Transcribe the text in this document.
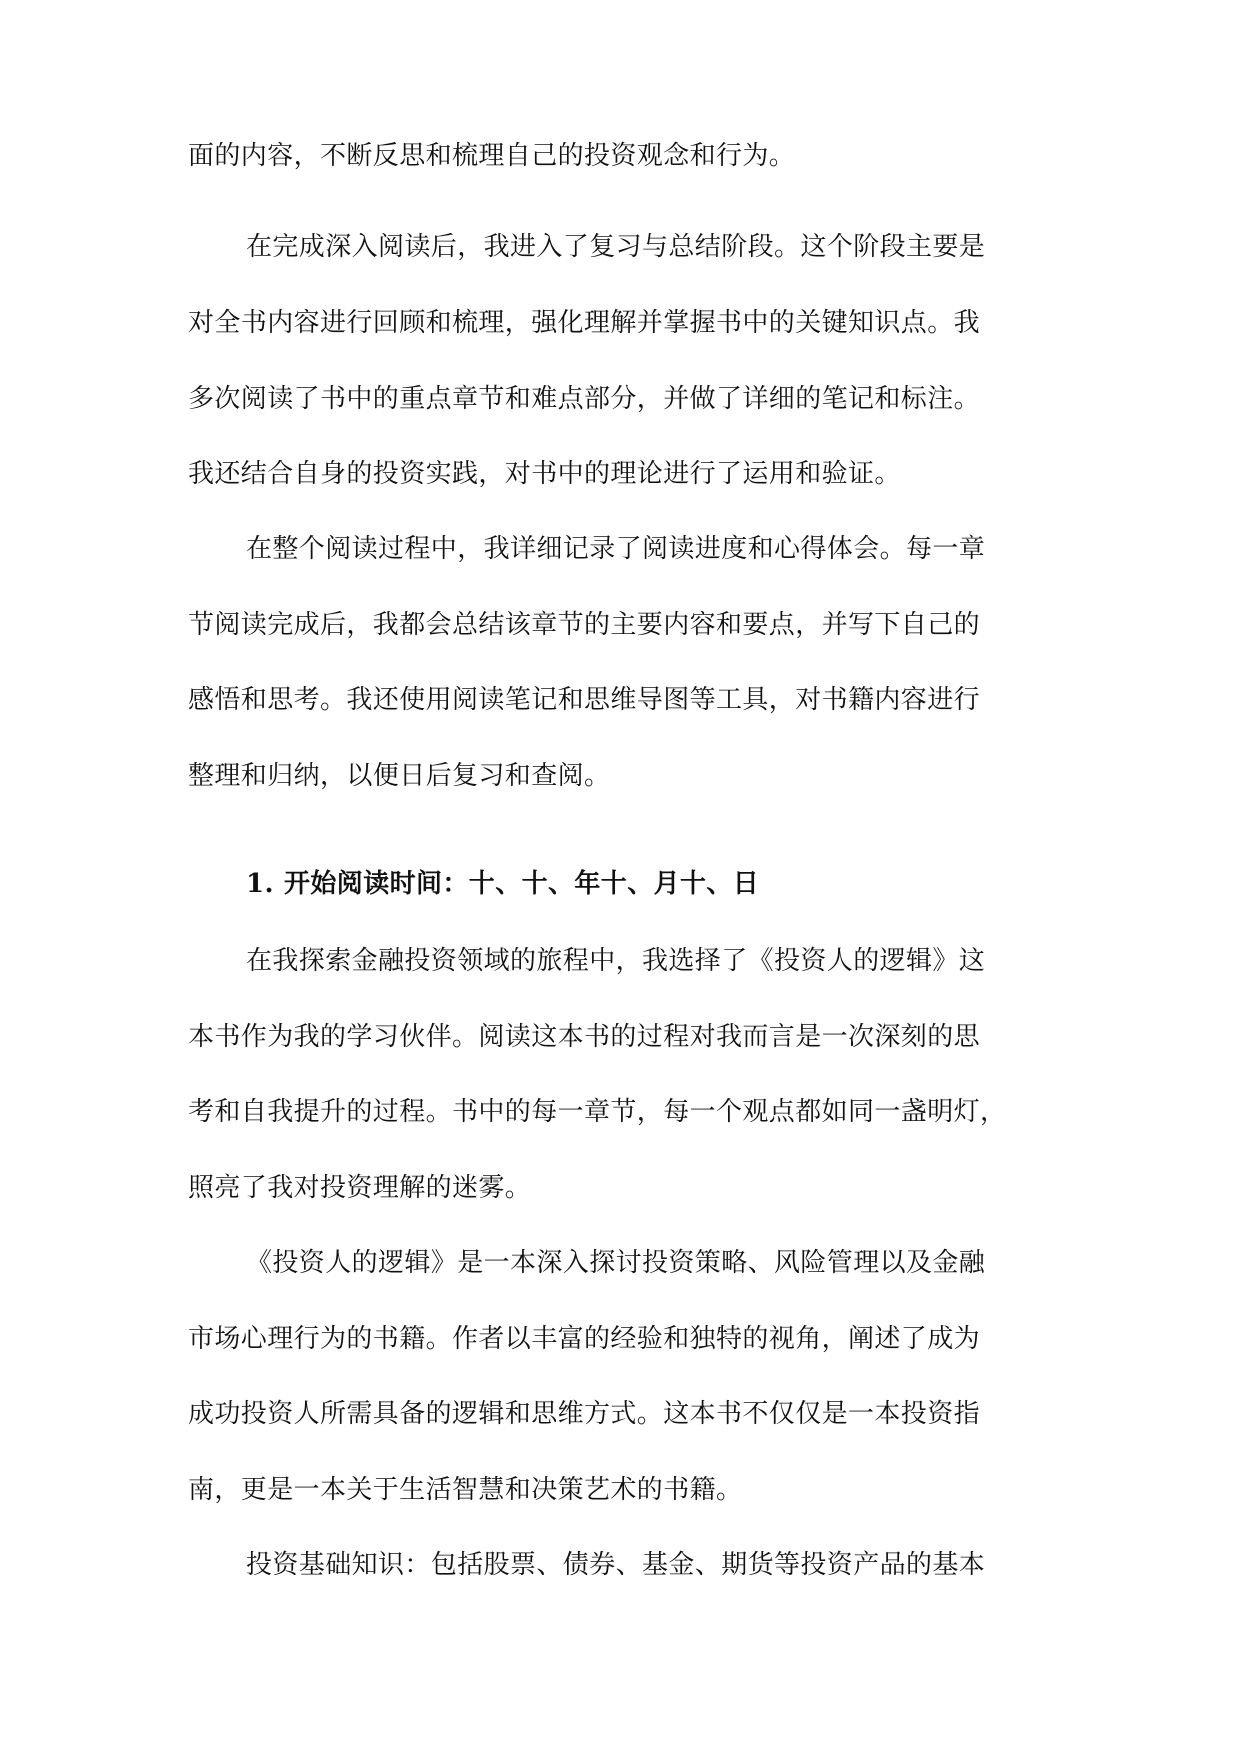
面的内容，不断反思和梳理自己的投资观念和行为。
在完成深入阅读后，我进入了复习与总结阶段。这个阶段主要是
对全书内容进行回顾和梳理，强化理解并掌握书中的关键知识点。我
多次阅读了书中的重点章节和难点部分，并做了详细的笔记和标注。
我还结合自身的投资实践，对书中的理论进行了运用和验证。
在整个阅读过程中，我详细记录了阅读进度和心得体会。每一章
节阅读完成后，我都会总结该章节的主要内容和要点，并写下自己的
感悟和思考。我还使用阅读笔记和思维导图等工具，对书籍内容进行
整理和归纳，以便日后复习和查阅。
1. 开始阅读时间：十、十、年十、月十、日
在我探索金融投资领域的旅程中，我选择了《投资人的逻辑》这
本书作为我的学习伙伴。阅读这本书的过程对我而言是一次深刻的思
考和自我提升的过程。书中的每一章节，每一个观点都如同一盏明灯，
照亮了我对投资理解的迷雾。
《投资人的逻辑》是一本深入探讨投资策略、风险管理以及金融
市场心理行为的书籍。作者以丰富的经验和独特的视角，阐述了成为
成功投资人所需具备的逻辑和思维方式。这本书不仅仅是一本投资指
南，更是一本关于生活智慧和决策艺术的书籍。
投资基础知识：包括股票、债券、基金、期货等投资产品的基本
